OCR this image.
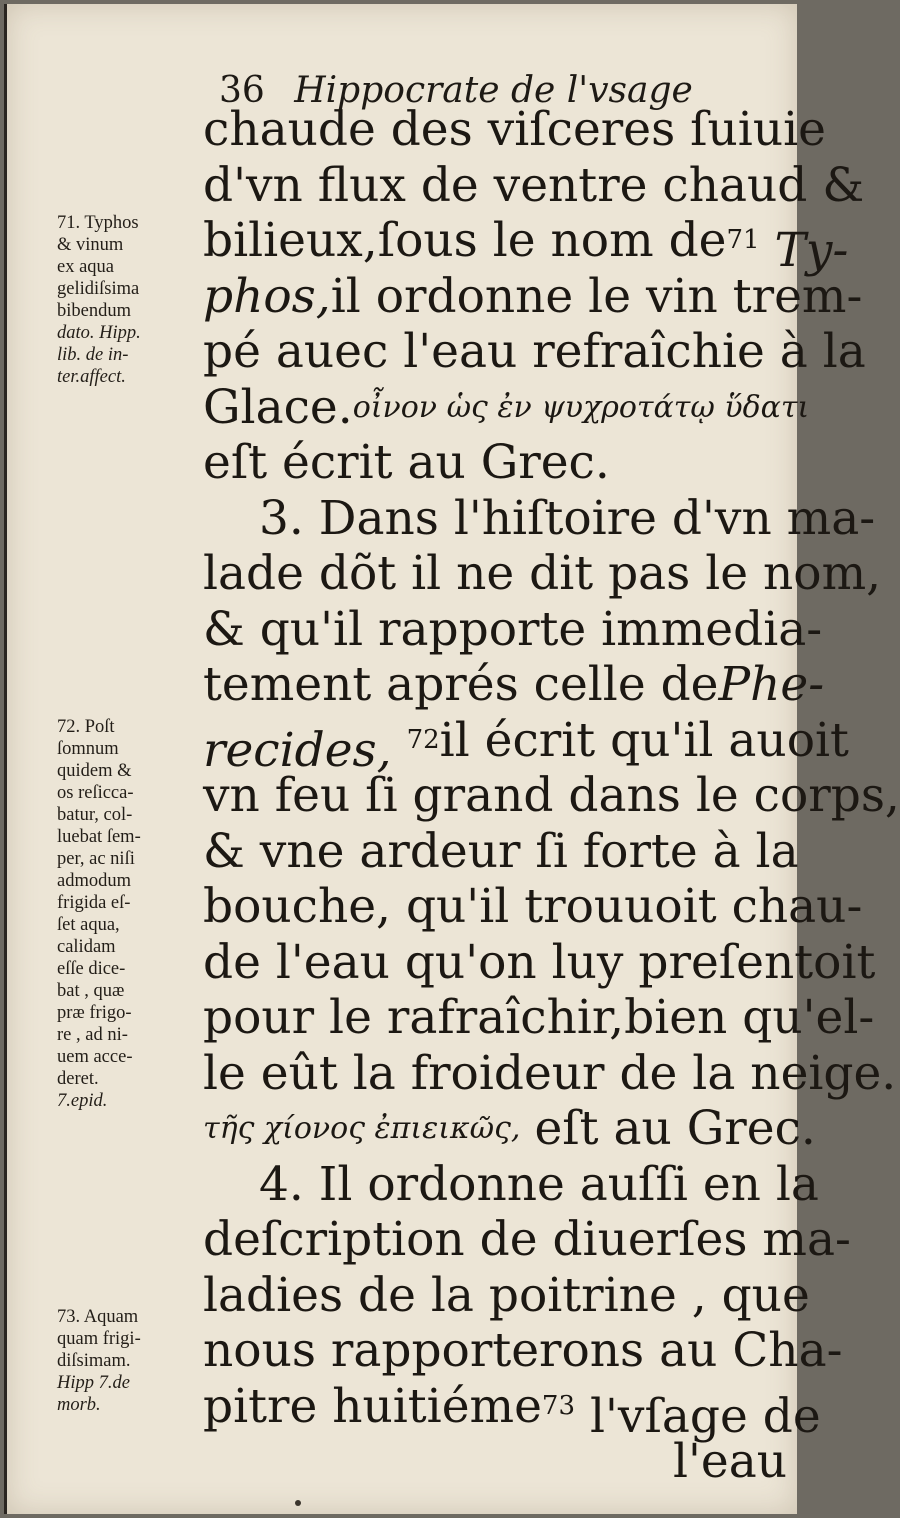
36 Hippocrate de l'vsage
chaude des viſceres ſuiuie
d'vn flux de ventre chaud &
bilieux,ſous le nom de $^{71}$ Ty-
phos, il ordonne le vin trem-
pé auec l'eau refraîchie à la
Glace. οἶνον ὡς ἐν ψυχροτάτῳ ὕδατι
eſt écrit au Grec.
3. Dans l'hiſtoire d'vn ma-
lade dõt il ne dit pas le nom,
& qu'il rapporte immedia-
tement aprés celle de Phe-
recides, $^{72}$ il écrit qu'il auoit
vn feu ſi grand dans le corps,
& vne ardeur ſi forte à la
bouche, qu'il trouuoit chau-
de l'eau qu'on luy preſentoit
pour le rafraîchir,bien qu'el-
le eût la froideur de la neige.
τῆς χίονος ἐπιεικῶς, eſt au Grec.
4. Il ordonne auſſi en la
deſcription de diuerſes ma-
ladies de la poitrine , que
nous rapporterons au Cha-
pitre huitiéme $^{73}$ l'vſage de
l'eau
71. Typhos
& vinum
ex aqua
gelidiſsima
bibendum
dato. Hipp.
lib. de in-
ter.affect.
72. Poſt
ſomnum
quidem &
os reſicca-
batur, col-
luebat ſem-
per, ac niſi
admodum
frigida eſ-
ſet aqua,
calidam
eſſe dice-
bat , quæ
præ frigo-
re , ad ni-
uem acce-
deret.
7.epid.
73. Aquam
quam frigi-
diſsimam.
Hipp 7.de
morb.
